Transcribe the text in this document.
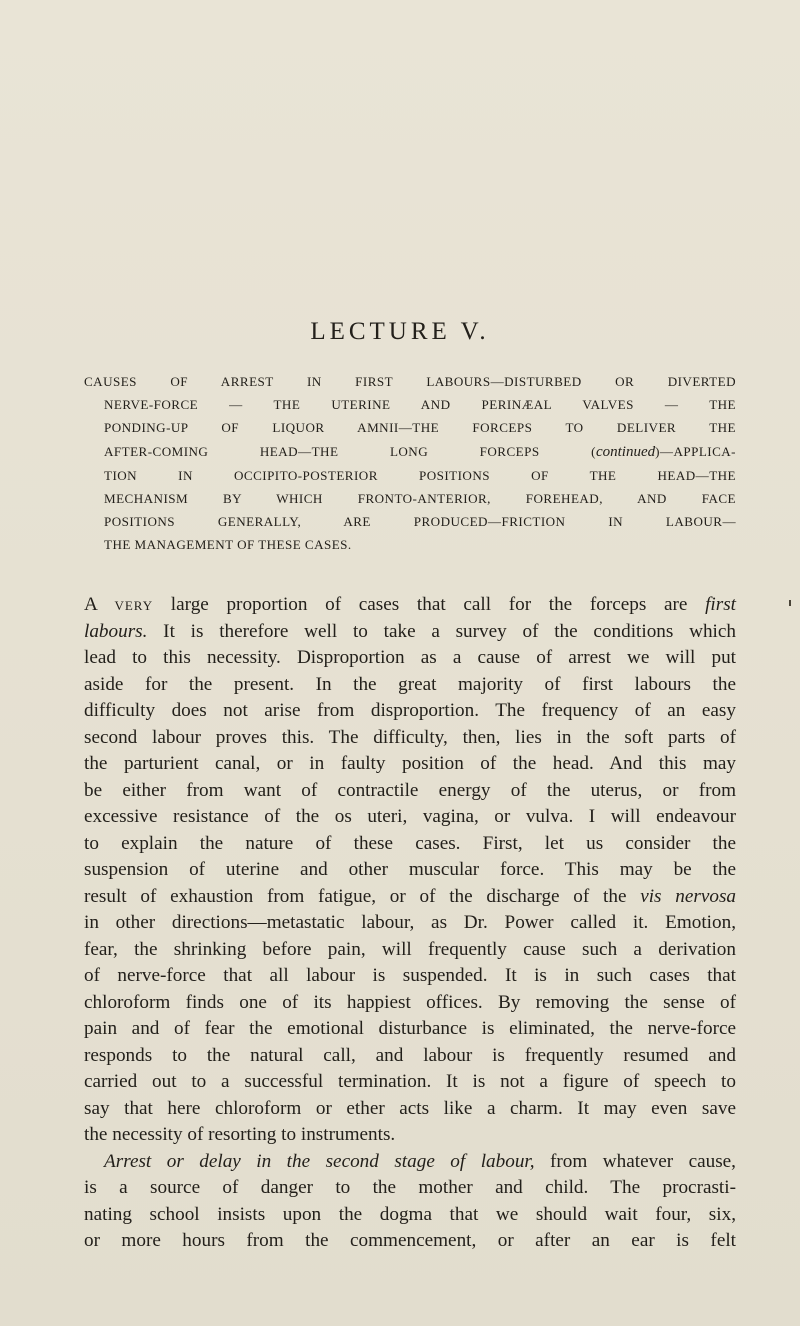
LECTURE V.
CAUSES OF ARREST IN FIRST LABOURS—DISTURBED OR DIVERTED
NERVE-FORCE — THE UTERINE AND PERINÆAL VALVES — THE
PONDING-UP OF LIQUOR AMNII—THE FORCEPS TO DELIVER THE
AFTER-COMING HEAD—THE LONG FORCEPS (continued)—APPLICA-
TION IN OCCIPITO-POSTERIOR POSITIONS OF THE HEAD—THE
MECHANISM BY WHICH FRONTO-ANTERIOR, FOREHEAD, AND FACE
POSITIONS GENERALLY, ARE PRODUCED—FRICTION IN LABOUR—
THE MANAGEMENT OF THESE CASES.
A very large proportion of cases that call for the forceps are first
labours. It is therefore well to take a survey of the conditions which
lead to this necessity. Disproportion as a cause of arrest we will put
aside for the present. In the great majority of first labours the
difficulty does not arise from disproportion. The frequency of an easy
second labour proves this. The difficulty, then, lies in the soft parts of
the parturient canal, or in faulty position of the head. And this may
be either from want of contractile energy of the uterus, or from
excessive resistance of the os uteri, vagina, or vulva. I will endeavour
to explain the nature of these cases. First, let us consider the
suspension of uterine and other muscular force. This may be the
result of exhaustion from fatigue, or of the discharge of the vis nervosa
in other directions—metastatic labour, as Dr. Power called it. Emotion,
fear, the shrinking before pain, will frequently cause such a derivation
of nerve-force that all labour is suspended. It is in such cases that
chloroform finds one of its happiest offices. By removing the sense of
pain and of fear the emotional disturbance is eliminated, the nerve-force
responds to the natural call, and labour is frequently resumed and
carried out to a successful termination. It is not a figure of speech to
say that here chloroform or ether acts like a charm. It may even save
the necessity of resorting to instruments.
Arrest or delay in the second stage of labour, from whatever cause,
is a source of danger to the mother and child. The procrasti-
nating school insists upon the dogma that we should wait four, six,
or more hours from the commencement, or after an ear is felt
